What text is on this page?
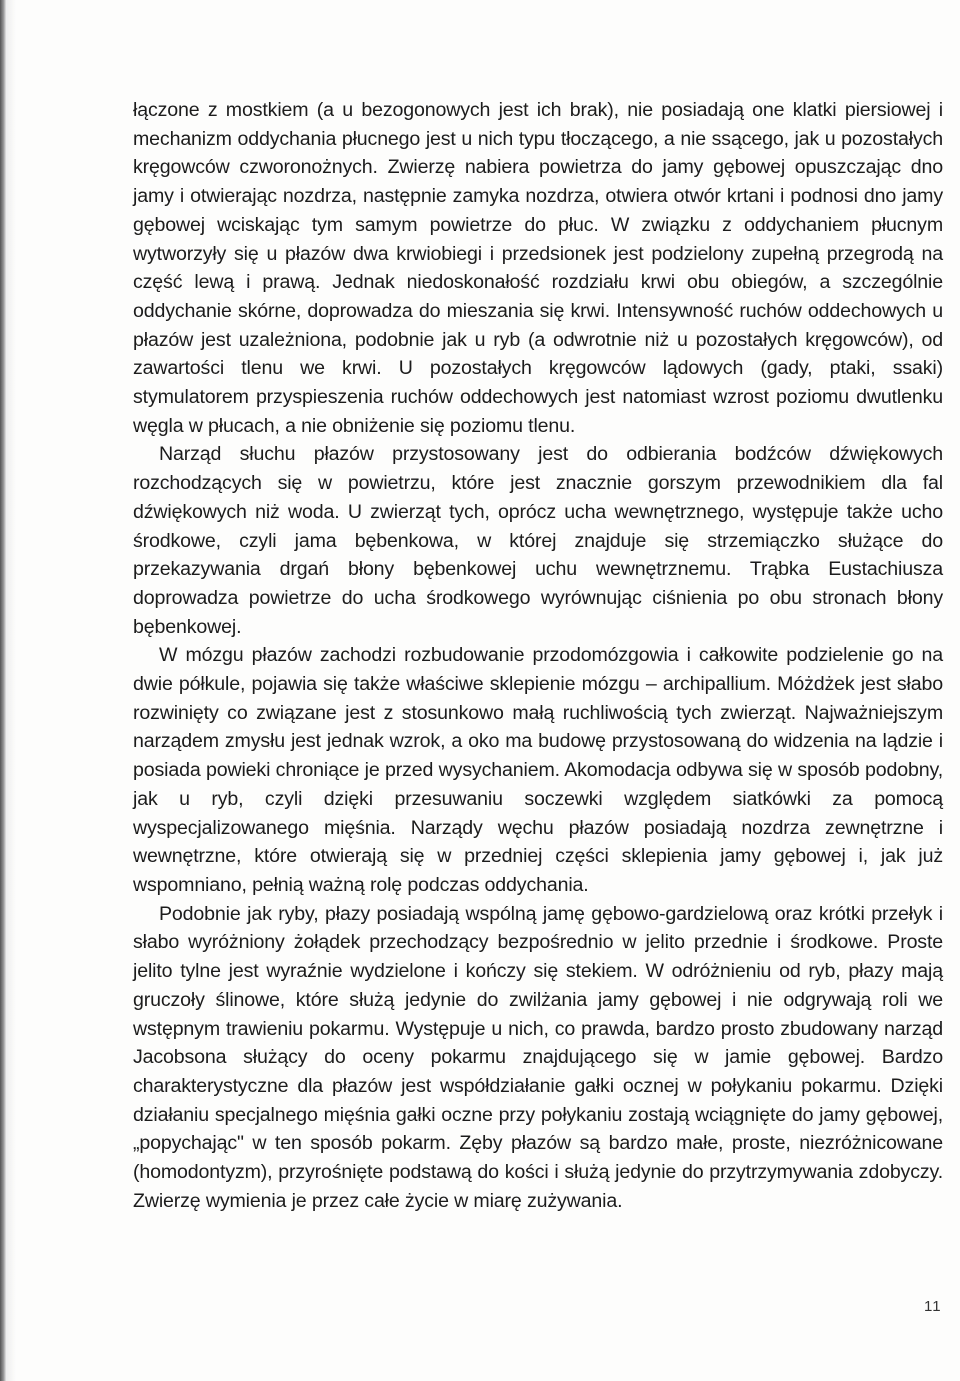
łączone z mostkiem (a u bezogonowych jest ich brak), nie posiadają one klatki piersiowej i mechanizm oddychania płucnego jest u nich typu tłoczącego, a nie ssącego, jak u pozostałych kręgowców czworonożnych. Zwierzę nabiera powietrza do jamy gębowej opuszczając dno jamy i otwierając nozdrza, następnie zamyka nozdrza, otwiera otwór krtani i podnosi dno jamy gębowej wciskając tym samym powietrze do płuc. W związku z oddychaniem płucnym wytworzyły się u płazów dwa krwiobiegi i przedsionek jest podzielony zupełną przegrodą na część lewą i prawą. Jednak niedoskonałość rozdziału krwi obu obiegów, a szczególnie oddychanie skórne, doprowadza do mieszania się krwi. Intensywność ruchów oddechowych u płazów jest uzależniona, podobnie jak u ryb (a odwrotnie niż u pozostałych kręgowców), od zawartości tlenu we krwi. U pozostałych kręgowców lądowych (gady, ptaki, ssaki) stymulatorem przyspieszenia ruchów oddechowych jest natomiast wzrost poziomu dwutlenku węgla w płucach, a nie obniżenie się poziomu tlenu.

Narząd słuchu płazów przystosowany jest do odbierania bodźców dźwiękowych rozchodzących się w powietrzu, które jest znacznie gorszym przewodnikiem dla fal dźwiękowych niż woda. U zwierząt tych, oprócz ucha wewnętrznego, występuje także ucho środkowe, czyli jama bębenkowa, w której znajduje się strzemiączko służące do przekazywania drgań błony bębenkowej uchu wewnętrznemu. Trąbka Eustachiusza doprowadza powietrze do ucha środkowego wyrównując ciśnienia po obu stronach błony bębenkowej.

W mózgu płazów zachodzi rozbudowanie przodomózgowia i całkowite podzielenie go na dwie półkule, pojawia się także właściwe sklepienie mózgu – archipallium. Móżdżek jest słabo rozwinięty co związane jest z stosunkowo małą ruchliwością tych zwierząt. Najważniejszym narządem zmysłu jest jednak wzrok, a oko ma budowę przystosowaną do widzenia na lądzie i posiada powieki chroniące je przed wysychaniem. Akomodacja odbywa się w sposób podobny, jak u ryb, czyli dzięki przesuwaniu soczewki względem siatkówki za pomocą wyspecjalizowanego mięśnia. Narządy węchu płazów posiadają nozdrza zewnętrzne i wewnętrzne, które otwierają się w przedniej części sklepienia jamy gębowej i, jak już wspomniano, pełnią ważną rolę podczas oddychania.

Podobnie jak ryby, płazy posiadają wspólną jamę gębowo-gardzielową oraz krótki przełyk i słabo wyróżniony żołądek przechodzący bezpośrednio w jelito przednie i środkowe. Proste jelito tylne jest wyraźnie wydzielone i kończy się stekiem. W odróżnieniu od ryb, płazy mają gruczoły ślinowe, które służą jedynie do zwilżania jamy gębowej i nie odgrywają roli we wstępnym trawieniu pokarmu. Występuje u nich, co prawda, bardzo prosto zbudowany narząd Jacobsona służący do oceny pokarmu znajdującego się w jamie gębowej. Bardzo charakterystyczne dla płazów jest współdziałanie gałki ocznej w połykaniu pokarmu. Dzięki działaniu specjalnego mięśnia gałki oczne przy połykaniu zostają wciągnięte do jamy gębowej, „popychając" w ten sposób pokarm. Zęby płazów są bardzo małe, proste, niezróżnicowane (homodontyzm), przyrośnięte podstawą do kości i służą jedynie do przytrzymywania zdobyczy. Zwierzę wymienia je przez całe życie w miarę zużywania.

11
